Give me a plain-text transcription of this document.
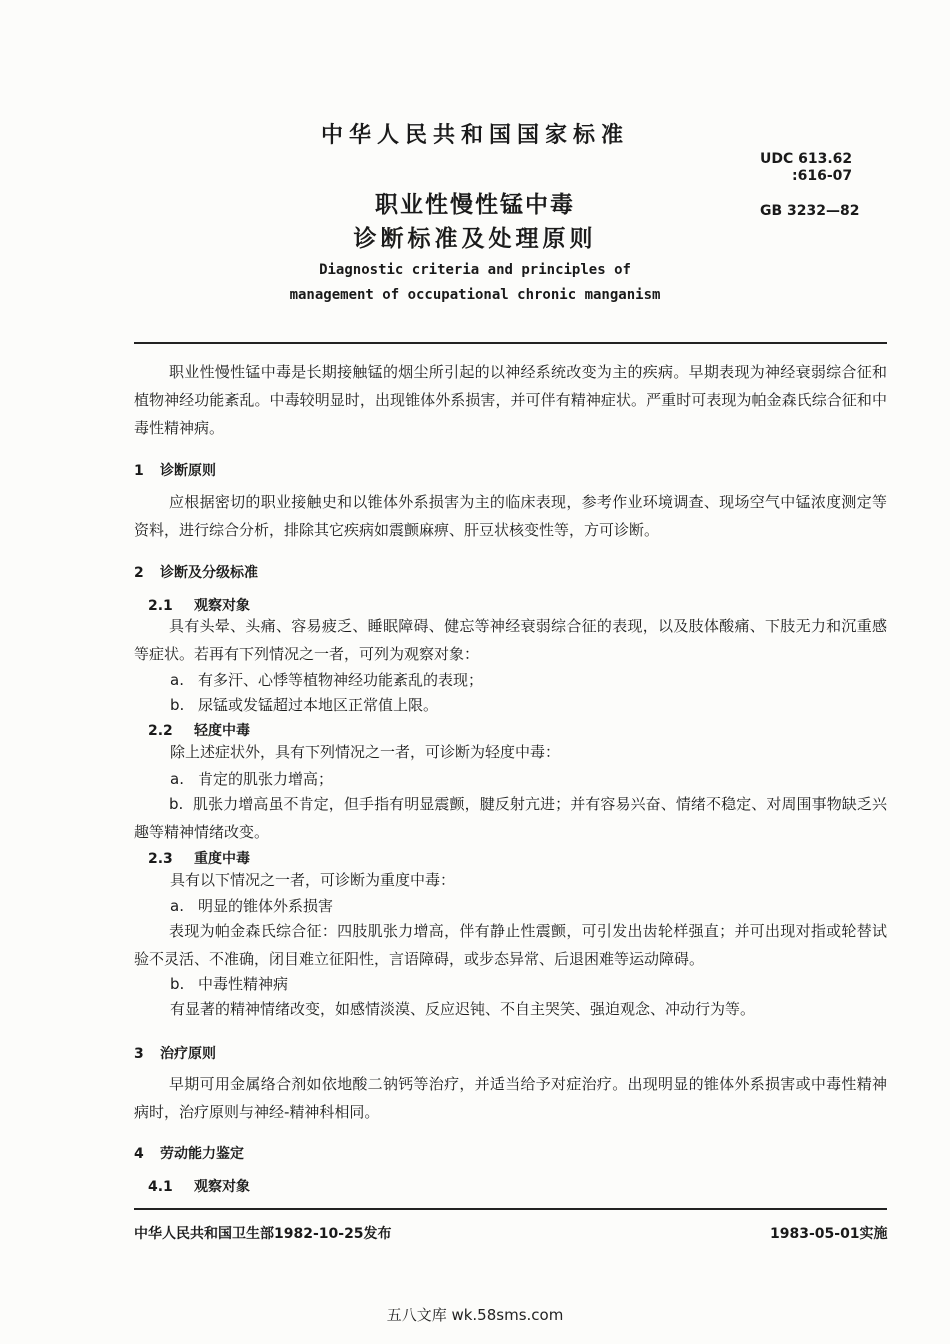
中华人民共和国国家标准
UDC 613.62
:616-07
GB 3232—82
职业性慢性锰中毒
诊断标准及处理原则
Diagnostic criteria and principles of
management of occupational chronic manganism
职业性慢性锰中毒是长期接触锰的烟尘所引起的以神经系统改变为主的疾病。早期表现为神经衰弱综合征和植物神经功能紊乱。中毒较明显时，出现锥体外系损害，并可伴有精神症状。严重时可表现为帕金森氏综合征和中毒性精神病。
1 诊断原则
应根据密切的职业接触史和以锥体外系损害为主的临床表现，参考作业环境调查、现场空气中锰浓度测定等资料，进行综合分析，排除其它疾病如震颤麻痹、肝豆状核变性等，方可诊断。
2 诊断及分级标准
2.1 观察对象
具有头晕、头痛、容易疲乏、睡眠障碍、健忘等神经衰弱综合征的表现，以及肢体酸痛、下肢无力和沉重感等症状。若再有下列情况之一者，可列为观察对象：
a. 有多汗、心悸等植物神经功能紊乱的表现；
b. 尿锰或发锰超过本地区正常值上限。
2.2 轻度中毒
除上述症状外，具有下列情况之一者，可诊断为轻度中毒：
a. 肯定的肌张力增高；
b. 肌张力增高虽不肯定，但手指有明显震颤，腱反射亢进；并有容易兴奋、情绪不稳定、对周围事物缺乏兴趣等精神情绪改变。
2.3 重度中毒
具有以下情况之一者，可诊断为重度中毒：
a. 明显的锥体外系损害
表现为帕金森氏综合征：四肢肌张力增高，伴有静止性震颤，可引发出齿轮样强直；并可出现对指或轮替试验不灵活、不准确，闭目难立征阳性，言语障碍，或步态异常、后退困难等运动障碍。
b. 中毒性精神病
有显著的精神情绪改变，如感情淡漠、反应迟钝、不自主哭笑、强迫观念、冲动行为等。
3 治疗原则
早期可用金属络合剂如依地酸二钠钙等治疗，并适当给予对症治疗。出现明显的锥体外系损害或中毒性精神病时，治疗原则与神经-精神科相同。
4 劳动能力鉴定
4.1 观察对象
中华人民共和国卫生部1982-10-25发布	1983-05-01实施
五八文库 wk.58sms.com
